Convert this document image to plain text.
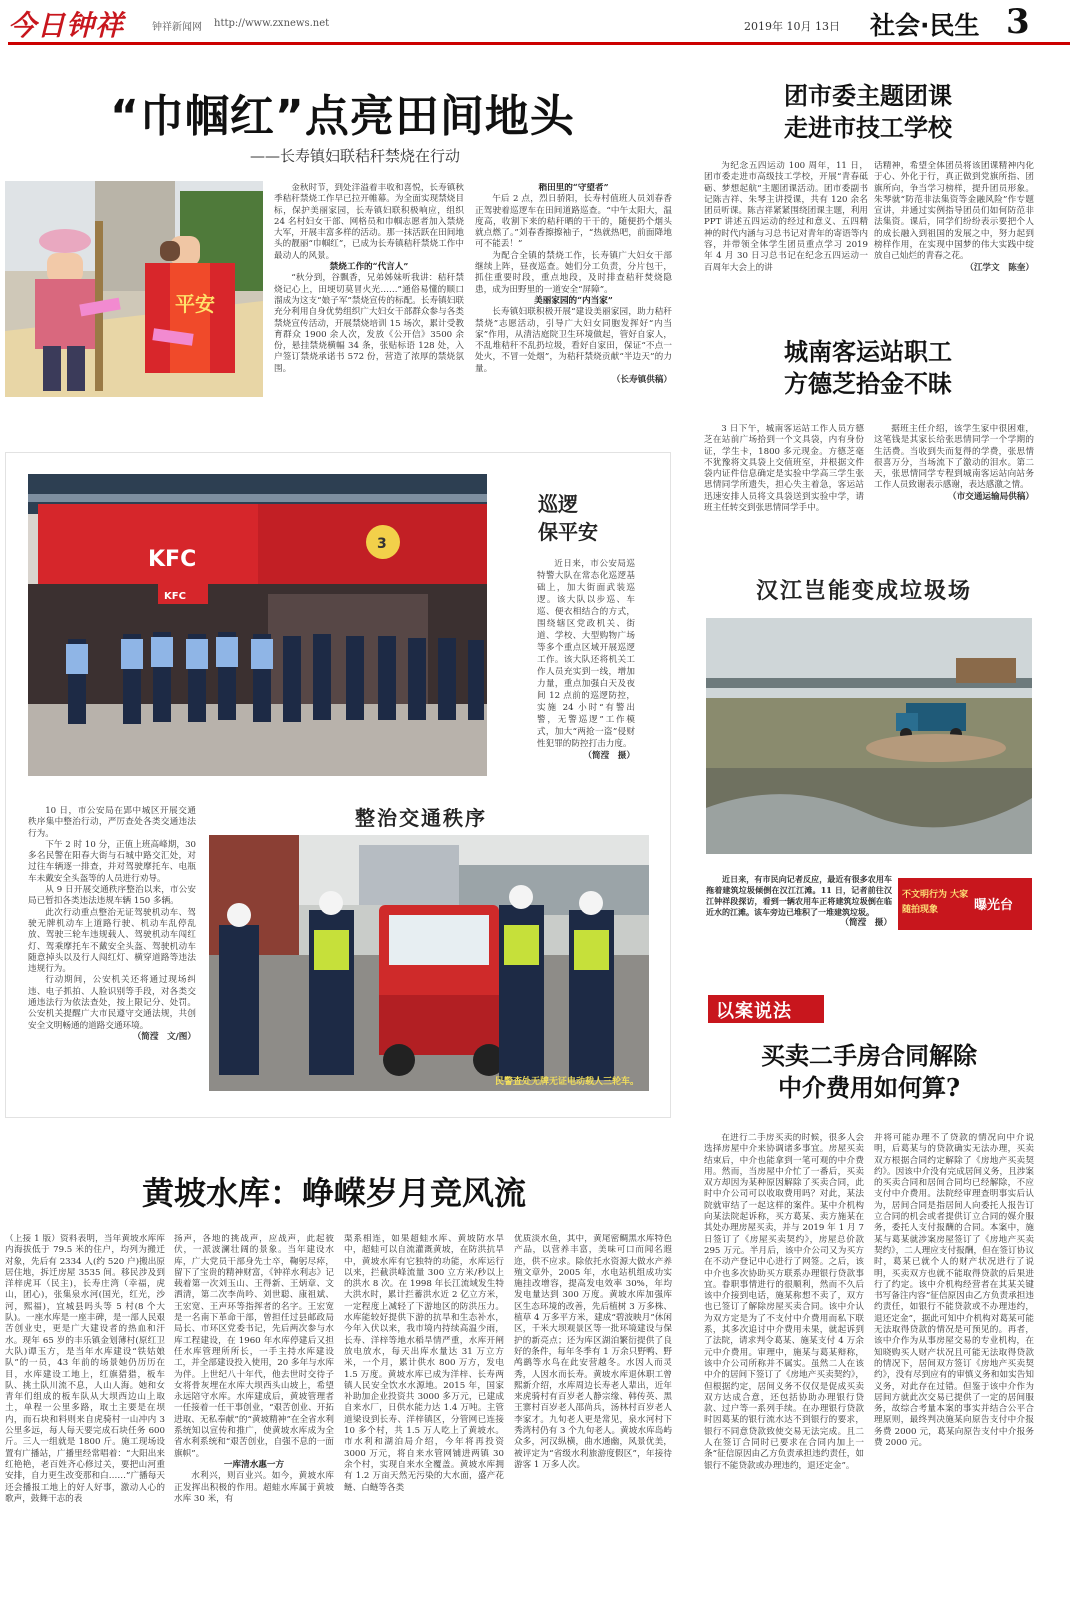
今日钟祥	钟祥新闻网 http://www.zxnews.net	2019年 10月 13日 社会·民生 3
“巾帼红”点亮田间地头
——长寿镇妇联秸秆禁烧在行动
平安

金秋时节，到处洋溢着丰收和喜悦，长寿镇秋季秸秆禁烧工作早已拉开帷幕。为全面实现禁烧目标，保护美丽家园，长寿镇妇联积极响应，组织 24 名村妇女干部、网格员和巾帼志愿者加入禁烧大军，开展丰富多样的活动。那一抹活跃在田间地头的靓丽“巾帼红”，已成为长寿镇秸秆禁烧工作中最动人的风景。

禁烧工作的“代言人”

“秋分到，谷飘香，兄弟姊妹听我讲：秸秆禁烧记心上，田埂切莫冒火光……”通俗易懂的顺口溜成为这支“娘子军”禁烧宣传的标配。长寿镇妇联充分利用自身优势组织广大妇女干部群众参与各类禁烧宣传活动，开展禁烧培训 15 场次，累计受教育群众 1900 余人次，发放《公开信》3500 余份，悬挂禁烧横幅 34 条，张贴标语 128 处，入户签订禁烧承诺书 572 份，营造了浓厚的禁烧氛围。

稻田里的“守望者”

午后 2 点，烈日骄阳，长寿村值班人员刘春香正驾驶着巡逻车在田间道路巡查。“中午太阳大，温度高，收割下来的秸秆晒的干干的，随便扔个烟头就点燃了。”刘春香擦擦袖子，“热就热吧，前面降地可不能丢！”

为配合全镇的禁烧工作，长寿镇广大妇女干部继续上阵，昼夜巡查。她们分工负责，分片包干，抓住重要时段，重点地段，及时排查秸秆焚烧隐患，成为田野里的一道安全“屏障”。

美丽家园的“内当家”

长寿镇妇联积极开展“建设美丽家园，助力秸秆禁烧”志愿活动，引导广大妇女同胞发挥好“内当家”作用，从清洁庭院卫生环境做起，管好自家人，不乱堆秸秆不乱扔垃圾，看好自家田，保证“不点一处火，不冒一处烟”，为秸秆禁烧贡献“半边天”的力量。

（长寿镇供稿）

团市委主题团课
走进市技工学校

为纪念五四运动 100 周年，11 日，团市委走进市高级技工学校，开展“青春砥砺、梦想起航”主题团课活动。团市委副书记陈吉祥、朱琴主讲授课，共有 120 余名团员听课。陈吉祥紧紧围绕团课主题，利用 PPT 讲述五四运动的经过和意义、五四精神的时代内涵与习总书记对青年的寄语等内容，并带领全体学生团员重点学习 2019 年 4 月 30 日习总书记在纪念五四运动一百周年大会上的讲

话精神，希望全体团员将该团课精神内化于心、外化于行，真正做到党旗所指、团旗所向，争当学习榜样，提升团员形象。朱琴就“防范非法集资等金融风险”作专题宣讲，并通过实例指导团员们如何防范非法集资。课后，同学们纷纷表示要把个人的成长融入到祖国的发展之中，努力起到榜样作用，在实现中国梦的伟大实践中绽放自己灿烂的青春之花。

（江学文　陈奎）

城南客运站职工
方德芝拾金不昧

3 日下午，城南客运站工作人员方德芝在站前广场拾到一个文具袋，内有身份证，学生卡，1800 多元现金。方德芝毫不犹豫将文具袋上交值班室，并根据文件袋内证件信息确定是实验中学高三学生张思情同学所遗失，担心失主着急，客运站迅速安排人员将文具袋送到实验中学，请班主任转交到张思情同学手中。

据班主任介绍，该学生家中很困难，这笔钱是其家长给张思情同学一个学期的生活费。当收到失而复得的学费，张思情很喜万分，当场流下了激动的泪水。第二天，张思情同学专程到城南客运站向站务工作人员致谢表示感谢，表达感激之情。

（市交通运输局供稿）

KFC
3
KFC
巡逻
保平安

近日来，市公安局巡特警大队在常态化巡逻基础上，加大街面武装巡逻。该大队以步巡、车巡、便衣相结合的方式，围绕辖区党政机关、街道、学校、大型购物广场等多个重点区域开展巡逻工作。该大队还将机关工作人员充实到一线，增加力量，重点加强白天及夜间 12 点前的巡逻防控，实施 24 小时“有警出警，无警巡逻”工作模式，加大“两抢一盗”侵财性犯罪的防控打击力度。

（简滢　摄）

整治交通秩序

10 日，市公安局在郢中城区开展交通秩序集中整治行动，严厉查处各类交通违法行为。

下午 2 时 10 分，正值上班高峰期，30 多名民警在阳春大街与石城中路交汇处，对过往车辆逐一排查，并对驾驶摩托车、电瓶车未戴安全头盔等的人员进行劝导。

从 9 日开展交通秩序整治以来，市公安局已暂扣各类违法违规车辆 150 多辆。

此次行动重点整治无证驾驶机动车、驾驶无牌机动车上道路行驶、机动车乱停乱放、驾驶三轮车违规载人、驾驶机动车闯红灯、驾乘摩托车不戴安全头盔、驾驶机动车随意掉头以及行人闯红灯、横穿道路等违法违规行为。

行动期间，公安机关还将通过现场纠违、电子抓拍、人脸识别等手段，对各类交通违法行为依法查处，按上限记分、处罚。公安机关提醒广大市民遵守交通法规，共创安全文明畅通的道路交通环境。

（简滢　文/图）

民警查处无牌无证电动载人三轮车。
汉江岂能变成垃圾场

近日来，有市民向记者反应，最近有很多农用车拖着建筑垃圾倾倒在汉江江滩。11 日，记者前往汉江钟祥段探访，看到一辆农用车正将建筑垃圾倒在临近水的江滩。该车旁边已堆积了一堆建筑垃圾。

（简滢　摄）

不文明行为 大家随拍现象	曝光台
以案说法
买卖二手房合同解除
中介费用如何算?

在进行二手房买卖的时候，很多人会选择房屋中介来协调诸多事宜。房屋买卖结束后，中介也能拿到一笔可观的中介费用。然而，当房屋中介忙了一番后，买卖双方却因为某种原因解除了买卖合同，此时中介公司可以收取费用吗？对此，某法院就审结了一起这样的案件。某中介机构向某法院起诉称，买方葛某、卖方施某在其处办理房屋买卖，并与 2019 年 1 月 7 日签订了《房屋买卖契约》，房屋总价款 295 万元。半月后，该中介公司又为买方在不动产登记中心进行了网签。之后，该中介也多次协助买方联系办理银行贷款事宜。眷职事情进行的很顺利，然而不久后该中介接到电话，施某称想不卖了，双方也已签订了解除房屋买卖合同。该中介认为双方定是为了不支付中介费用而私下联系，其多次追讨中介费用未果，就起诉到了法院，请求判令葛某、施某支付 4 万余元中介费用。审理中，施某与葛某辩称，该中介公司所称并不属实。虽然二人在该中介的居间下签订了《房地产买卖契约》，但根据约定，居间义务不仅仅是促成买卖双方达成合意，还包括协助办理银行贷款、过户等一系列手续。在办理银行贷款时因葛某的银行流水达不到银行的要求，银行不同意贷款致使交易无法完成。且二人在签订合同时已要求在合同内加上一条“征信原因由乙方负责承担违约责任，如银行不能贷款或办理违约，退还定金”。

并将可能办理不了贷款的情况向中介说明，后葛某与的贷款确实无法办理，买卖双方根据合同约定解除了《房地产买卖契约》。因该中介没有完成居间义务，且涉案的买卖合同和居间合同均已经解除，不应支付中介费用。法院经审理查明事实后认为，居间合同是指居间人向委托人报告订立合同的机会或者提供订立合同的媒介服务，委托人支付报酬的合同。本案中，施某与葛某就涉案房屋签订了《房地产买卖契约》，二人理应支付报酬，但在签订协议时，葛某已就个人的财产状况进行了说明，买卖双方也就不能取得贷款的后果进行了约定。该中介机构经营者在其某关键书写备注内容“征信原因由乙方负责承担违约责任，如银行不能贷款或不办理违约，退还定金”，据此可知中介机构对葛某可能无法取得贷款的情况是可预见的。再者，该中介作为从事房屋交易的专业机构，在知晓购买人财产状况且可能无法取得贷款的情况下，居间双方签订《房地产买卖契约》，没有尽到应有的审慎义务和如实告知义务，对此存在过错。但鉴于该中介作为居间方就此次交易已提供了一定的居间服务，故综合考量本案的事实并结合公平合理原则，最终判决施某向原告支付中介报务费 2000 元，葛某向原告支付中介报务费 2000 元。

黄坡水库：峥嵘岁月竞风流

（上接 1 版）资料表明，当年黄坡水库库内海拔低于 79.5 米的住户，均列为搬迁对象，先后有 2334 人(约 520 户)搬出原居住地，拆迁房屋 3535 间。移民涉及到洋梓虎耳（民主)，长寿庄湾（幸福，虎山，团心)，张集泉水河(国光，红光，沙河，熙福)，宜城县吗头等 5 村(8 个大队)。一座水库是一座丰碑，是一部人民艰苦创业史，更是广大建设者的热血和汗水。现年 65 岁的丰乐镇金划薄村(原红卫大队)谭玉方，是当年水库建设“铁姑娘队”的一员，43 年前的场景她仍历历在目，水库建设工地上，红旗猎猎，板车队、挑土队川流不息，人山人海。她和女青年们组成的板车队从大坝西边山上取土，单程一公里多路，取土主要是在坝内，而石块和料则来自虎骑村一山冲内 3 公里多远，每人每天要完成石块任务 600 斤。三人一组就是 1800 斤。施工现场设置有广播站，广播里经常唱着：“大阳出来红艳艳，老百姓齐心修过关，要把山河重安排，自力更生改变那和白……”广播每天还会播报工地上的好人好事，激动人心的歌声，鼓舞干志的表

扬声，各地的挑战声，应战声，此起彼伏，一派波澜壮阔的景象。当年建设水库，广大党员干部身先士卒，鞠躬尽瘁，留下了宝贵的精神财富，《钟祥水利志》记载着第一次刘玉山、王得新、王炳章、文洒清，第二次李尚吟、刘世聪、康祖斌、王宏宽、王声环等指挥者的名字。王宏宽是一名南下革命干部，曾担任过县邮政局局长、市环区党委书记，先后两次参与水库工程建设，在 1960 年水库停建后又担任水库管理所所长，一手主持水库建设工，并全部建设投入使用，20 多年与水库为伴。上世纪八十年代，他去世时交待子女将骨灰埋在水库大坝西头山坡上，希望永远陪守水库。水库建成后，黄坡管理者一任接着一任干事创业，“艰苦创业、开拓进取、无私奉献”的“黄坡精神”在全省水利系统知以宣传和推广，使黄坡水库成为全省水利系统和“艰苦创业，自强不息的一面旗帜”。

一库清水惠一方

水利兴，则百业兴。如今，黄坡水库正发挥出积极的作用。超蛙水库属于黄坡水库 30 米，有

渠系相连，如果超蛙水库、黄坡防水旱中，超蛙可以自流灌溉黄坡，在防洪抗旱中，黄坡水库有它独特的功能，水库运行以来，拦截洪峰流量 300 立方米/秒以上的洪水 8 次。在 1998 年长江流域发生特大洪水时，累计拦蓄洪水近 2 亿立方米，一定程度上减轻了下游地区的防洪压力。水库能较好提供下游的抗旱和生态补水，今年入伏以来，我市境内持续高温少雨，长寿、洋梓等地水稻旱情严重，水库开闸放电放水，每天出库水量达 31 万立方米，一个月，累计供水 800 万方，发电 1.5 万度。黄坡水库已成为洋梓、长寿两镇人民安全饮水水源地。2015 年，国家补助加企业投资共 3000 多万元，已建成自来水厂，日供水能力达 1.4 万吨。主管道梁设到长寿、洋梓镇区，分管网已连接 10 多个村，共 1.5 万人吃上了黄坡水。市水利和湖泊局介绍，今年将再投资 3000 万元，将自来水管网铺进两镇 30 余个村，实现自来水全覆盖。黄坡水库拥有 1.2 万亩天然无污染的大水面，盛产花鲢、白鲢等各类

优质淡水鱼，其中，黄尾密鲷黑水库特色产品，以营养丰富，美味可口而闻名遐迩，供不应求。除依托水资源大做水产养殖文章外，2005 年，水电站机组成功实施挂改增容，提高发电效率 30%，年均发电量达到 300 万度。黄坡水库加强库区生态环境的改善，先后植树 3 万多株、植草 4 万多平方米，建成“碧波映月”休闲区，千米大坝观景区等一批环境建设与保护的新亮点；还为库区湖泊繁衍提供了良好的条件，每年冬季有 1 万余只野鸭、野鸬鹚等水鸟在此安营越冬。水因人而灵秀，人因水而长寿。黄坡水库退休职工曾熙新介绍，水库周边长寿老人辈出，近年来虎骑村有百岁老人静宗缘、韩传英、黑王寨村百岁老人邵尚兵，汤林村百岁老人李家才。九旬老人更是常见，泉水河村下秀湾村仍有 3 个九旬老人。黄坡水库岛屿众多，河汉纵横，曲水通幽，风景优美，被评定为“省级水利旅游度假区”，年接待游客 1 万多人次。
